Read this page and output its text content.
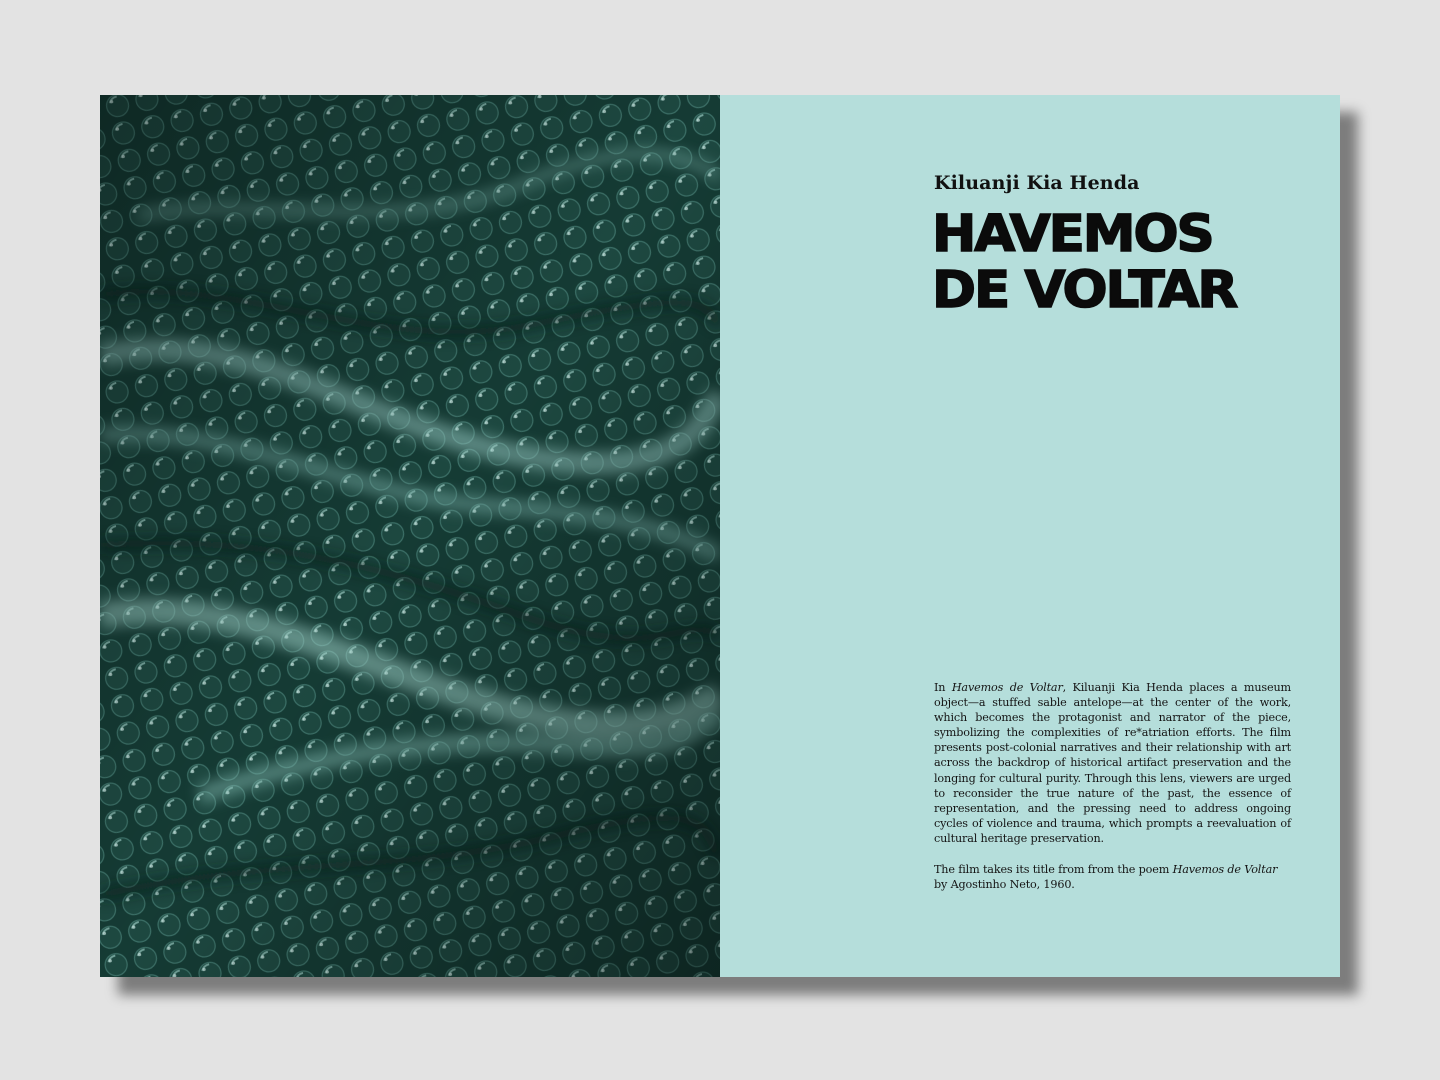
Kiluanji Kia Henda
HAVEMOS
DE VOLTAR

In Havemos de Voltar, Kiluanji Kia Henda places a museum object—a stuffed sable antelope—at the center of the work, which becomes the protagonist and narrator of the piece, symbolizing the complexities of re*atriation efforts. The film presents post-colonial narratives and their relationship with art across the backdrop of historical artifact preservation and the longing for cultural purity. Through this lens, viewers are urged to reconsider the true nature of the past, the essence of representation, and the pressing need to address ongoing cycles of violence and trauma, which prompts a reevaluation of cultural heritage preservation.

The film takes its title from from the poem Havemos de Voltar by Agostinho Neto, 1960.
